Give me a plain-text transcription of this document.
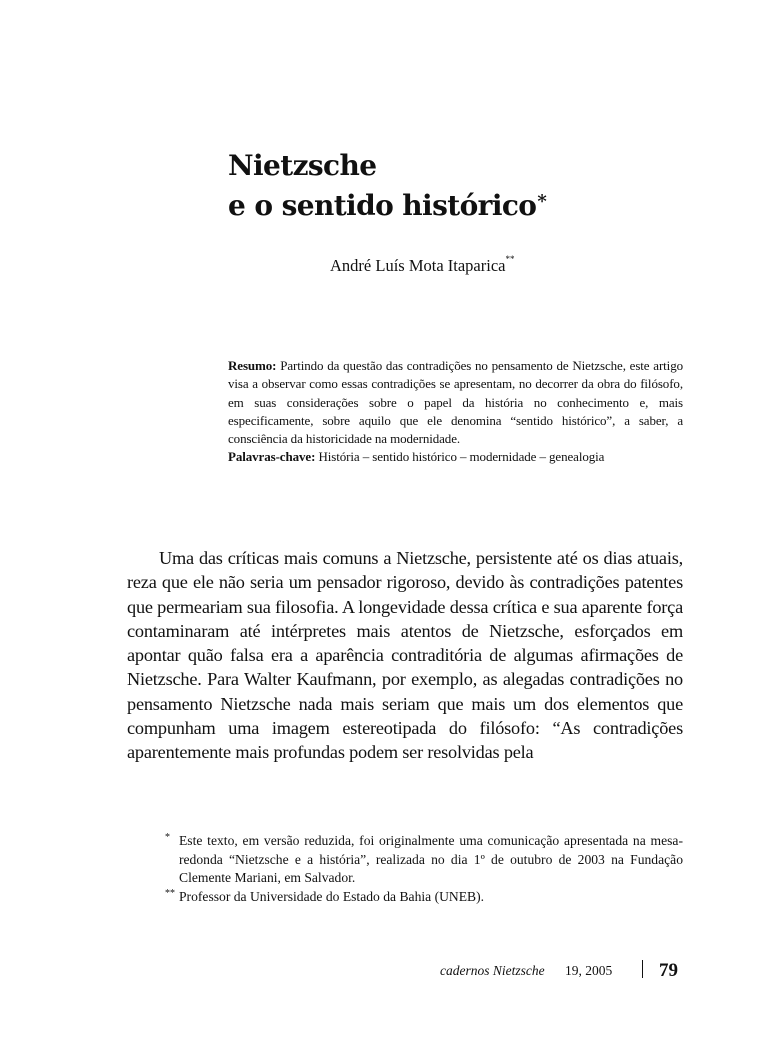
Nietzsche
e o sentido histórico*
André Luís Mota Itaparica**

Resumo: Partindo da questão das contradições no pensamento de Nietzsche, este artigo visa a observar como essas contradições se apresentam, no decorrer da obra do filósofo, em suas considerações sobre o papel da história no conhecimento e, mais especificamente, sobre aquilo que ele denomina “sentido histórico”, a saber, a consciência da historicidade na modernidade.

Palavras-chave: História – sentido histórico – modernidade – genealogia

Uma das críticas mais comuns a Nietzsche, persistente até os dias atuais, reza que ele não seria um pensador rigoroso, devido às contradições patentes que permeariam sua filosofia. A longevidade dessa crítica e sua aparente força contaminaram até intérpretes mais atentos de Nietzsche, esforçados em apontar quão falsa era a aparência contraditória de algumas afirmações de Nietzsche. Para Walter Kaufmann, por exemplo, as alegadas contradições no pensamento Nietzsche nada mais seriam que mais um dos elementos que compunham uma imagem estereotipada do filósofo: “As contradições aparentemente mais profundas podem ser resolvidas pela

* Este texto, em versão reduzida, foi originalmente uma comunicação apresentada na mesa-redonda “Nietzsche e a história”, realizada no dia 1º de outubro de 2003 na Fundação Clemente Mariani, em Salvador.

** Professor da Universidade do Estado da Bahia (UNEB).

cadernos Nietzsche 19, 2005 79
